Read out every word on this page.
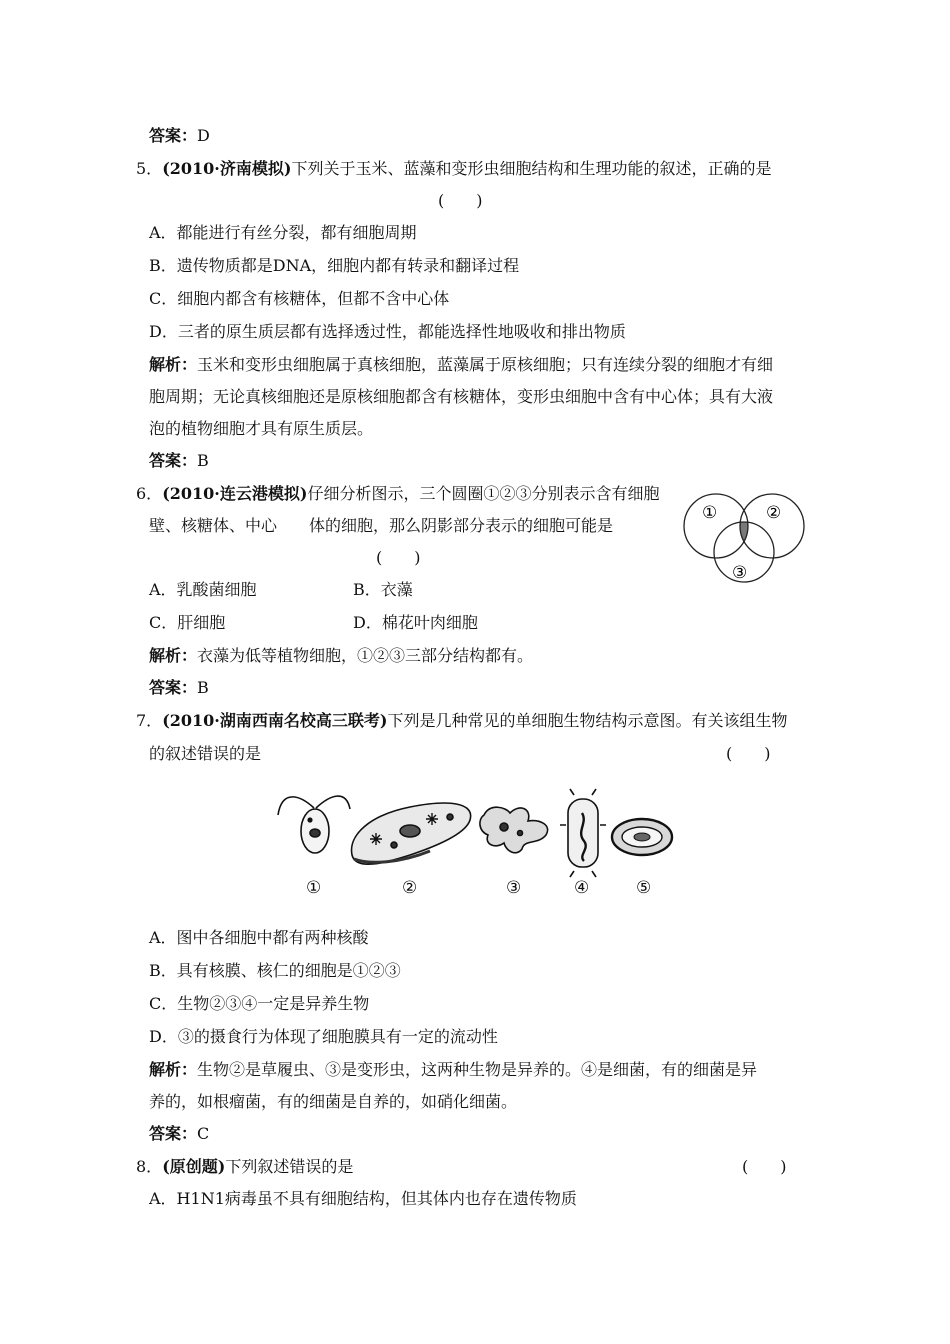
答案：D
5．(2010·济南模拟)下列关于玉米、蓝藻和变形虫细胞结构和生理功能的叙述，正确的是
(　　)
A．都能进行有丝分裂，都有细胞周期
B．遗传物质都是DNA，细胞内都有转录和翻译过程
C．细胞内都含有核糖体，但都不含中心体
D．三者的原生质层都有选择透过性，都能选择性地吸收和排出物质
解析：玉米和变形虫细胞属于真核细胞，蓝藻属于原核细胞；只有连续分裂的细胞才有细
胞周期；无论真核细胞还是原核细胞都含有核糖体，变形虫细胞中含有中心体；具有大液
泡的植物细胞才具有原生质层。
答案：B
6．(2010·连云港模拟)仔细分析图示，三个圆圈①②③分别表示含有细胞
壁、核糖体、中心　　体的细胞，那么阴影部分表示的细胞可能是
(　　)
①	②
③
A．乳酸菌细胞	B．衣藻
C．肝细胞	D．棉花叶肉细胞
解析：衣藻为低等植物细胞，①②③三部分结构都有。
答案：B
7．(2010·湖南西南名校高三联考)下列是几种常见的单细胞生物结构示意图。有关该组生物
的叙述错误的是	(　　)
①	②	③	④	⑤
A．图中各细胞中都有两种核酸
B．具有核膜、核仁的细胞是①②③
C．生物②③④一定是异养生物
D．③的摄食行为体现了细胞膜具有一定的流动性
解析：生物②是草履虫、③是变形虫，这两种生物是异养的。④是细菌，有的细菌是异
养的，如根瘤菌，有的细菌是自养的，如硝化细菌。
答案：C
8．(原创题)下列叙述错误的是	(　　)
A．H1N1病毒虽不具有细胞结构，但其体内也存在遗传物质
